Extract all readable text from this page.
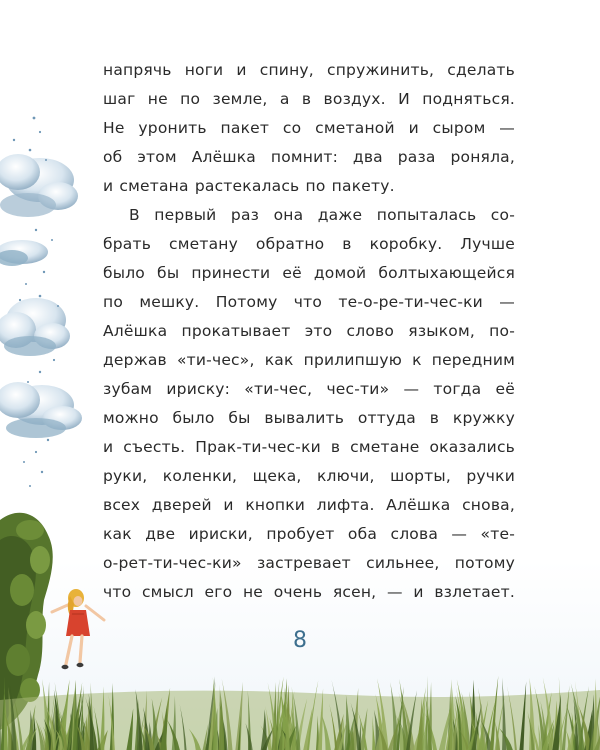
напрячь ноги и спину, спружинить, сделать
шаг не по земле, а в воздух. И подняться.
Не уронить пакет со сметаной и сыром —
об этом Алёшка помнит: два раза роняла,
и сметана растекалась по пакету.
В первый раз она даже попыталась со-
брать сметану обратно в коробку. Лучше
было бы принести её домой болтыхающейся
по мешку. Потому что те-о-ре-ти-чес-ки —
Алёшка прокатывает это слово языком, по-
держав «ти-чес», как прилипшую к передним
зубам ириску: «ти-чес, чес-ти» — тогда её
можно было бы вывалить оттуда в кружку
и съесть. Прак-ти-чес-ки в сметане оказались
руки, коленки, щека, ключи, шорты, ручки
всех дверей и кнопки лифта. Алёшка снова,
как две ириски, пробует оба слова — «те-
о-рет-ти-чес-ки» застревает сильнее, потому
что смысл его не очень ясен, — и взлетает.
8
